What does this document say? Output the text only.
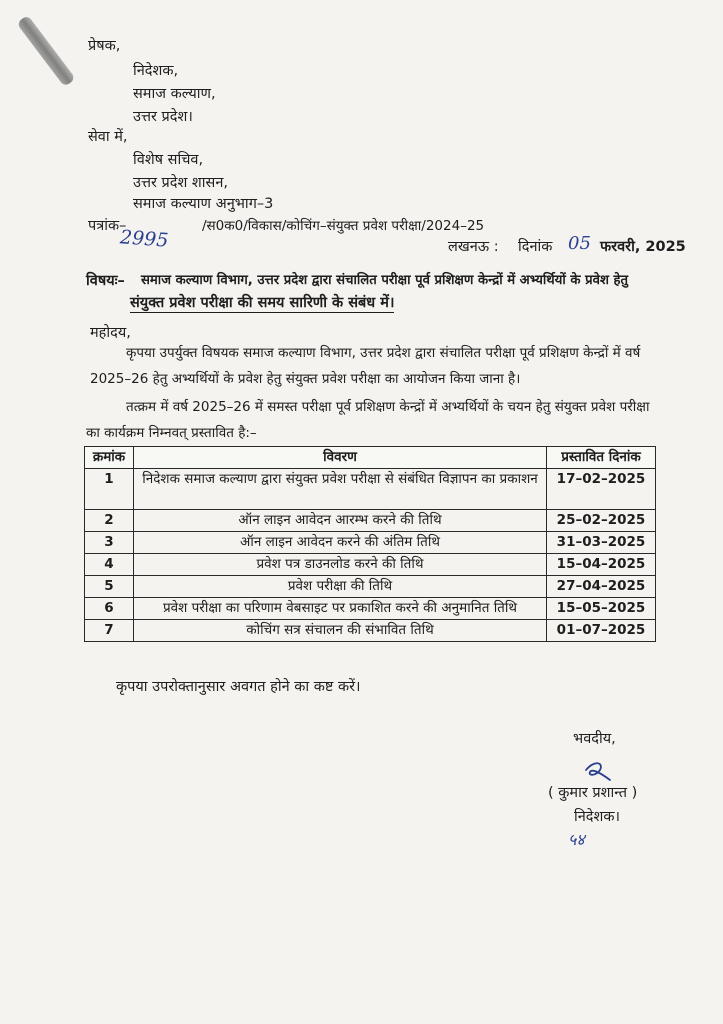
प्रेषक,
निदेशक,
समाज कल्याण,
उत्तर प्रदेश।
सेवा में,
विशेष सचिव,
उत्तर प्रदेश शासन,
समाज कल्याण अनुभाग–3
पत्रांक–
2995
/स0क0/विकास/कोचिंग–संयुक्त प्रवेश परीक्षा/2024–25
लखनऊ : दिनांक 05 फरवरी, 2025
विषयः– समाज कल्याण विभाग, उत्तर प्रदेश द्वारा संचालित परीक्षा पूर्व प्रशिक्षण केन्द्रों में अभ्यर्थियों के प्रवेश हेतु
संयुक्त प्रवेश परीक्षा की समय सारिणी के संबंध में।
महोदय,
कृपया उपर्युक्त विषयक समाज कल्याण विभाग, उत्तर प्रदेश द्वारा संचालित परीक्षा पूर्व प्रशिक्षण केन्द्रों में वर्ष
2025–26 हेतु अभ्यर्थियों के प्रवेश हेतु संयुक्त प्रवेश परीक्षा का आयोजन किया जाना है।
तत्क्रम में वर्ष 2025–26 में समस्त परीक्षा पूर्व प्रशिक्षण केन्द्रों में अभ्यर्थियों के चयन हेतु संयुक्त प्रवेश परीक्षा
का कार्यक्रम निम्नवत् प्रस्तावित है:–
क्रमांक	विवरण	प्रस्तावित दिनांक
1	निदेशक समाज कल्याण द्वारा संयुक्त प्रवेश परीक्षा से संबंधित विज्ञापन का प्रकाशन	17–02–2025
2	ऑन लाइन आवेदन आरम्भ करने की तिथि	25–02–2025
3	ऑन लाइन आवेदन करने की अंतिम तिथि	31–03–2025
4	प्रवेश पत्र डाउनलोड करने की तिथि	15–04–2025
5	प्रवेश परीक्षा की तिथि	27–04–2025
6	प्रवेश परीक्षा का परिणाम वेबसाइट पर प्रकाशित करने की अनुमानित तिथि	15–05–2025
7	कोचिंग सत्र संचालन की संभावित तिथि	01–07–2025
कृपया उपरोक्तानुसार अवगत होने का कष्ट करें।
भवदीय,
( कुमार प्रशान्त )
निदेशक।
५४
